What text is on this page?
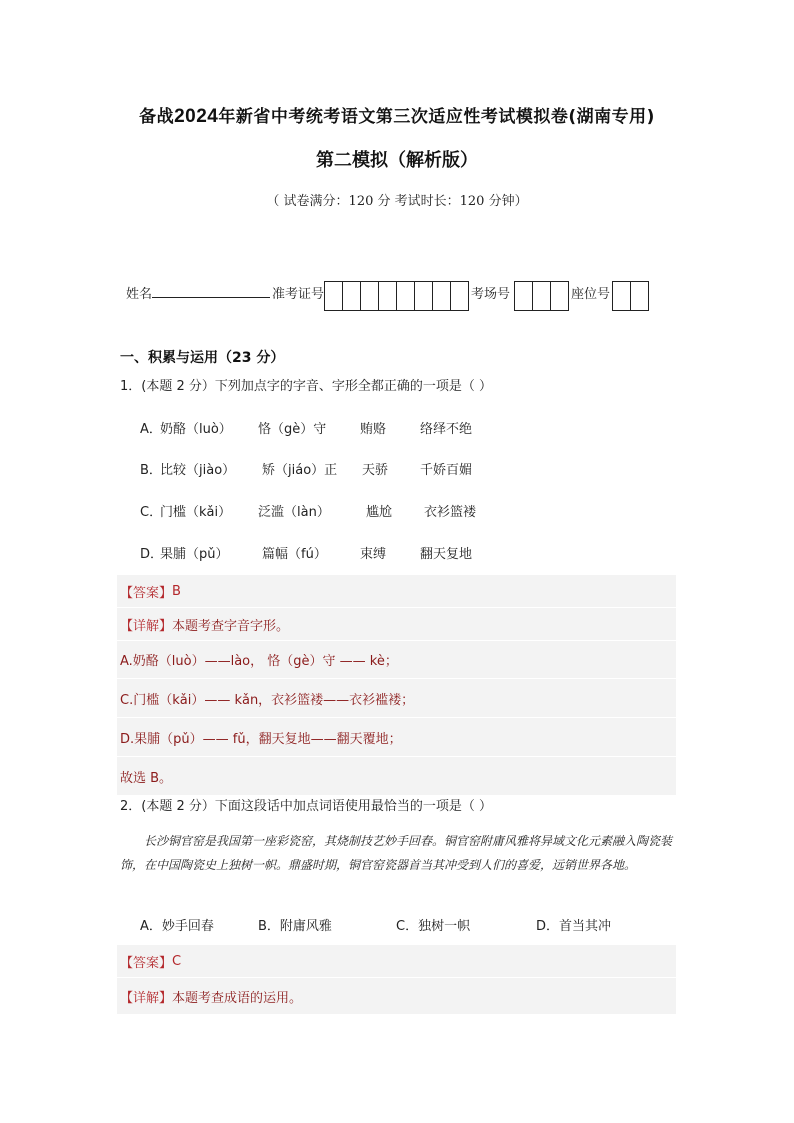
备战2024年新省中考统考语文第三次适应性考试模拟卷(湖南专用)
第二模拟（解析版）
（ 试卷满分：120 分 考试时长：120 分钟）
姓名	准考证号	考场号	座位号
一、积累与运用（23 分）
1．(本题 2 分）下列加点字的字音、字形全都正确的一项是（ ）
A．
奶酪（luò）	恪（gè）守	贿赂	络绎不绝
B．
比较（jiào）	矫（jiáo）正	天骄	千娇百媚
C．
门槛（kǎi）	泛滥（làn）	尴尬	衣衫篮褛
D．
果脯（pǔ）	篇幅（fú）	束缚	翻天复地
【答案】 B
【详解】 本题考查字音字形。
A.奶酪（luò）——lào， 恪（gè）守 —— kè；
C.门槛（kǎi）—— kǎn，衣衫篮褛——衣衫褴褛；
D.果脯（pǔ）—— fǔ，翻天复地——翻天覆地；
故选 B。
2．(本题 2 分）下面这段话中加点词语使用最恰当的一项是（ ）
长沙铜官窑是我国第一座彩瓷窑，其烧制技艺妙手回春。铜官窑附庸风雅将异域文化元素融入陶瓷装饰，在中国陶瓷史上独树一帜。鼎盛时期，铜官窑瓷器首当其冲受到人们的喜爱，远销世界各地。
A．妙手回春	B．附庸风雅	C．独树一帜	D．首当其冲
【答案】 C
【详解】 本题考查成语的运用。
